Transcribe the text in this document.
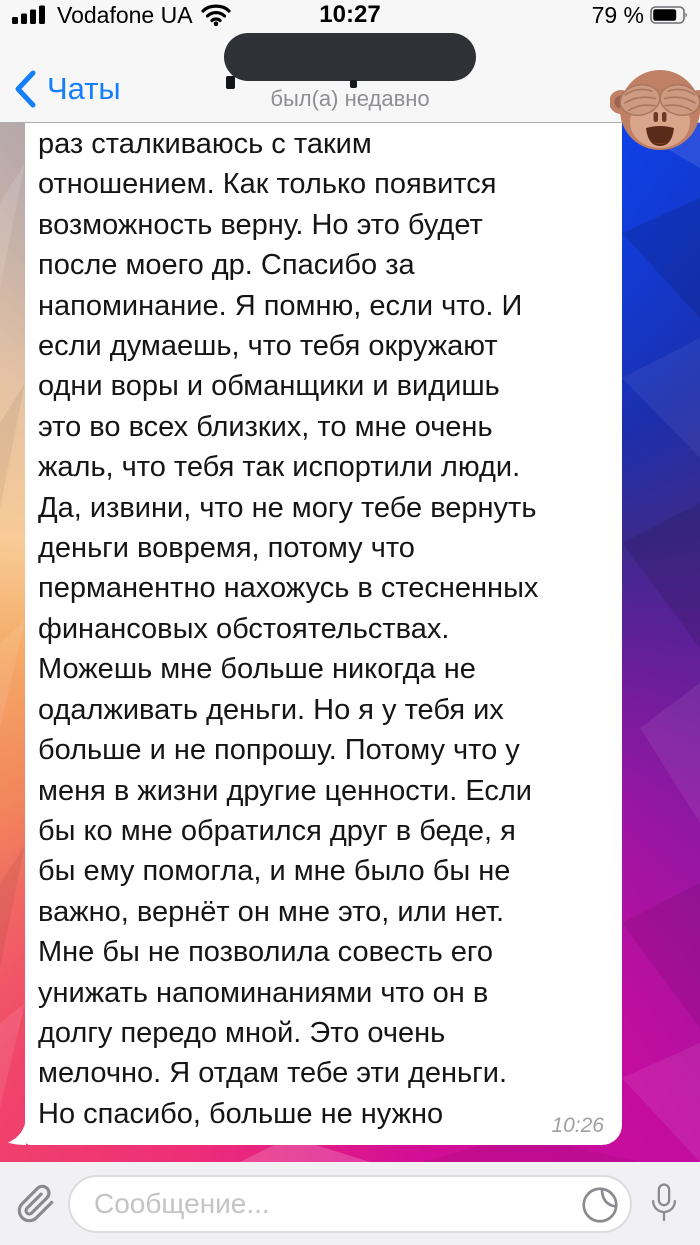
Vodafone UA	10:27	79 %
Чаты	был(а) недавно
раз сталкиваюсь с таким
отношением. Как только появится
возможность верну. Но это будет
после моего др. Спасибо за
напоминание. Я помню, если что. И
если думаешь, что тебя окружают
одни воры и обманщики и видишь
это во всех близких, то мне очень
жаль, что тебя так испортили люди.
Да, извини, что не могу тебе вернуть
деньги вовремя, потому что
перманентно нахожусь в стесненных
финансовых обстоятельствах.
Можешь мне больше никогда не
одалживать деньги. Но я у тебя их
больше и не попрошу. Потому что у
меня в жизни другие ценности. Если
бы ко мне обратился друг в беде, я
бы ему помогла, и мне было бы не
важно, вернёт он мне это, или нет.
Мне бы не позволила совесть его
унижать напоминаниями что он в
долгу передо мной. Это очень
мелочно. Я отдам тебе эти деньги.
Но спасибо, больше не нужно	10:26
Сообщение...
